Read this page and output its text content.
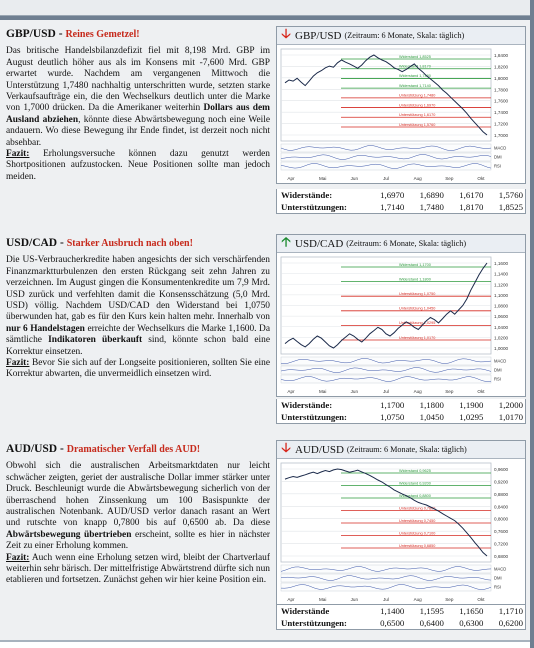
GBP/USD - Reines Gemetzel!

Das britische Handelsbilanzdefizit fiel mit 8,198 Mrd. GBP im August deutlich höher aus als im Konsens mit -7,600 Mrd. GBP erwartet wurde. Nachdem am vergangenen Mittwoch die Unterstützung 1,7480 nachhaltig unterschritten wurde, setzten starke Verkaufsaufträge ein, die den Wechselkurs deutlich unter die Marke von 1,7000 drücken. Da die Amerikaner weiterhin Dollars aus dem Ausland abziehen, könnte diese Abwärtsbewegung noch eine Weile andauern. Wo diese Bewegung ihr Ende findet, ist derzeit noch nicht absehbar.

Fazit: Erholungsversuche können dazu genutzt werden Shortpositionen aufzustocken. Neue Positionen sollte man jedoch meiden.

🡣 GBP/USD (Zeitraum: 6 Monate, Skala: täglich)
1,8400
1,8200
1,8000
1,7800
1,7600
1,7400
1,7200
1,7000
Widerstand 1,8525
Widerstand 1,8170
Widerstand 1,7480
Widerstand 1,7140
Unterstützung 1,7480
Unterstützung 1,6970
Unterstützung 1,6170
Unterstützung 1,5760
MACD
DMI
RSI
Apr	Mai	Jun	Jul	Aug	Sep	Okt
Widerstände:	1,6970	1,6890	1,6170	1,5760
Unterstützungen:	1,7140	1,7480	1,8170	1,8525
USD/CAD - Starker Ausbruch nach oben!

Die US-Verbraucherkredite haben angesichts der sich verschärfenden Finanzmarktturbulenzen den ersten Rückgang seit zehn Jahren zu verzeichnen. Im August gingen die Konsumentenkredite um 7,9 Mrd. USD zurück und verfehlten damit die Konsensschätzung (5,0 Mrd. USD) völlig. Nachdem USD/CAD den Widerstand bei 1,0750 überwunden hat, gab es für den Kurs kein halten mehr. Innerhalb von nur 6 Handelstagen erreichte der Wechselkurs die Marke 1,1600. Da sämtliche Indikatoren überkauft sind, könnte schon bald eine Korrektur einsetzen.

Fazit: Bevor Sie sich auf der Longseite positionieren, sollten Sie eine Korrektur abwarten, die unvermeidlich einsetzen wird.

🡡 USD/CAD (Zeitraum: 6 Monate, Skala: täglich)
1,1600
1,1400
1,1200
1,1000
1,0800
1,0600
1,0400
1,0200
1,0000
Widerstand 1,1700
Widerstand 1,1800
Unterstützung 1,0750
Unterstützung 1,0450
Unterstützung 1,0295
Unterstützung 1,0170
MACD
DMI
RSI
Apr	Mai	Jun	Jul	Aug	Sep	Okt
Widerstände:	1,1700	1,1800	1,1900	1,2000
Unterstützungen:	1,0750	1,0450	1,0295	1,0170
AUD/USD - Dramatischer Verfall des AUD!

Obwohl sich die australischen Arbeitsmarktdaten nur leicht schwächer zeigten, geriet der australische Dollar immer stärker unter Druck. Beschleunigt wurde die Abwärtsbewegung sicherlich von der überraschend hohen Zinssenkung um 100 Basispunkte der australischen Notenbank. AUD/USD verlor danach rasant an Wert und rutschte von knapp 0,7800 bis auf 0,6500 ab. Da diese Abwärtsbewegung übertrieben erscheint, sollte es hier in nächster Zeit zu einer Erholung kommen.

Fazit: Auch wenn eine Erholung setzen wird, bleibt der Chartverlauf weiterhin sehr bärisch. Der mittelfristige Abwärtstrend dürfte sich nun etablieren und fortsetzen. Zunächst gehen wir hier keine Position ein.

🡣 AUD/USD (Zeitraum: 6 Monate, Skala: täglich)
0,9600
0,9200
0,8800
0,8400
0,8000
0,7600
0,7200
0,6800
Widerstand 0,9625
Widerstand 0,9200
Widerstand 0,8800
Unterstützung 0,7800
Unterstützung 0,7450
Unterstützung 0,7100
Unterstützung 0,6850
MACD
DMI
RSI
Apr	Mai	Jun	Jul	Aug	Sep	Okt
Widerstände	1,1400	1,1595	1,1650	1,1710
Unterstützungen:	0,6500	0,6400	0,6300	0,6200
